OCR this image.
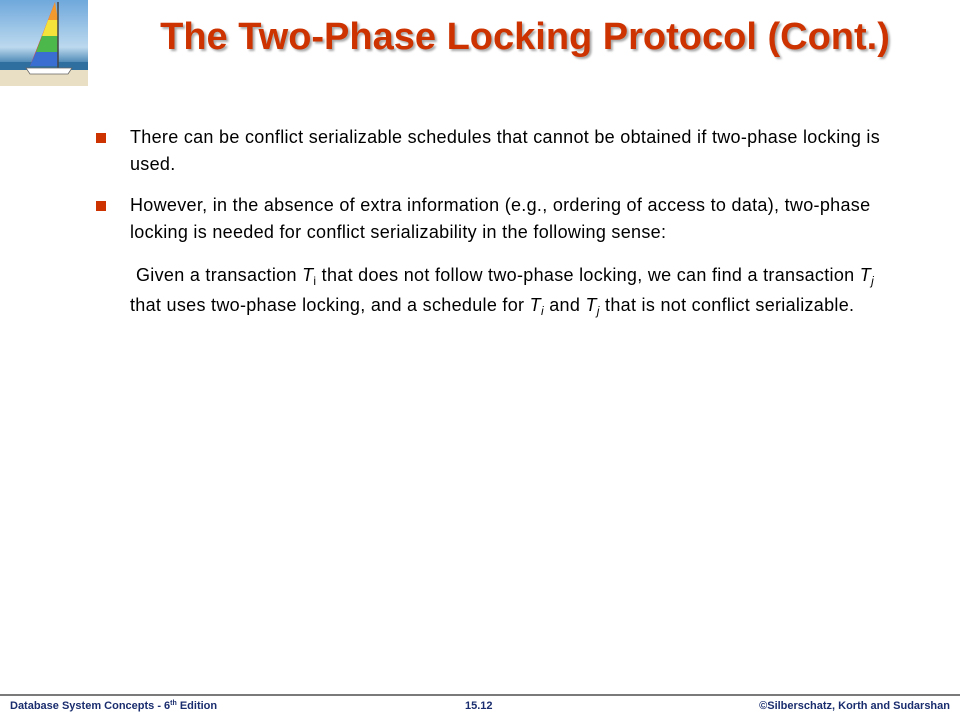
The Two-Phase Locking Protocol (Cont.)
There can be conflict serializable schedules that cannot be obtained if two-phase locking is used.
However, in the absence of extra information (e.g., ordering of access to data), two-phase locking is needed for conflict serializability in the following sense:
Given a transaction $T_i$ that does not follow two-phase locking, we can find a transaction $T_j$ that uses two-phase locking, and a schedule for $T_i$ and $T_j$ that is not conflict serializable.
Database System Concepts - 6th Edition	15.12	©Silberschatz, Korth and Sudarshan
